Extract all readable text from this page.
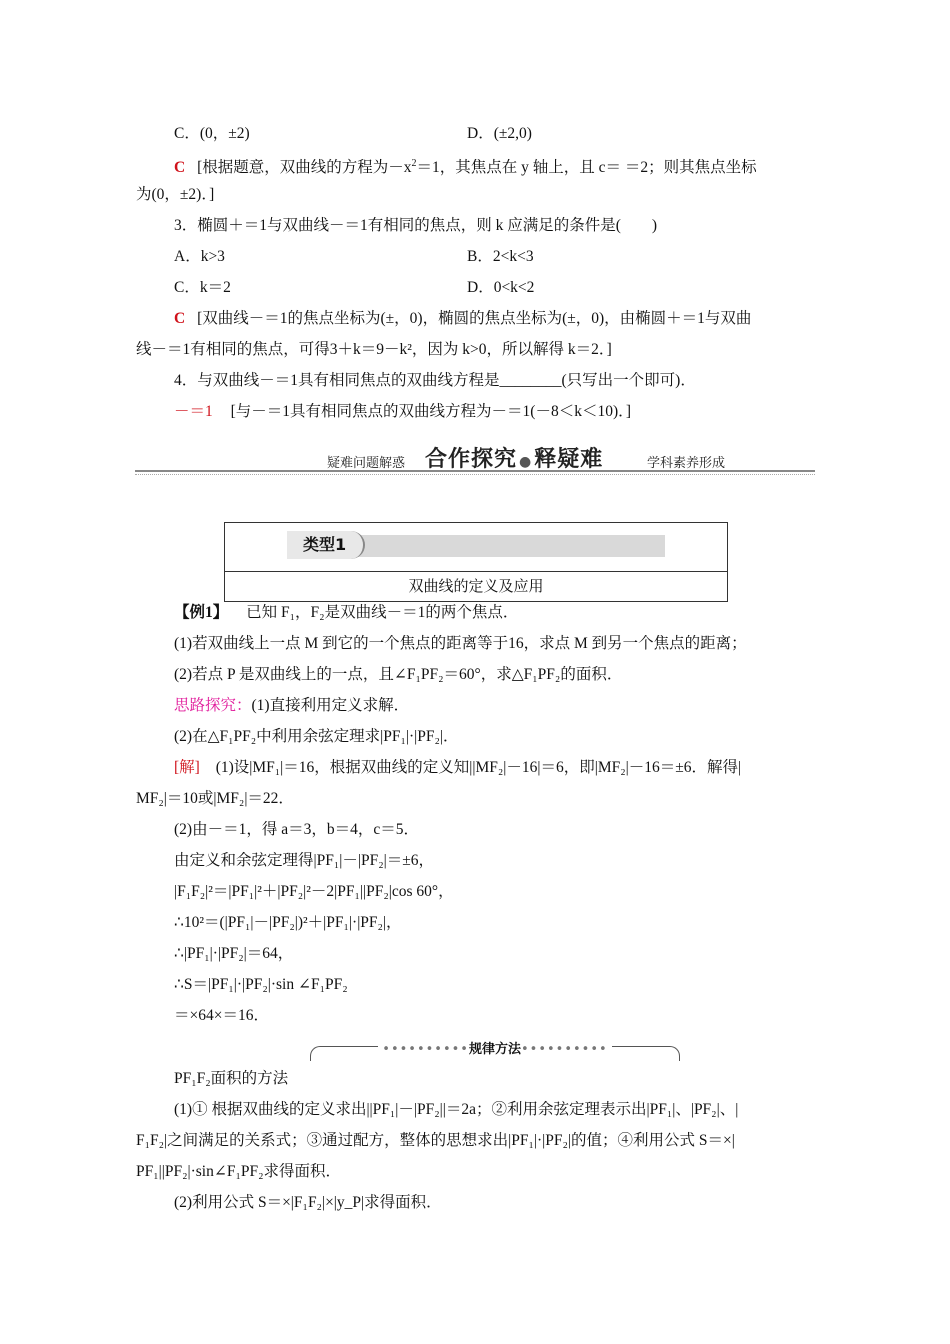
C．(0，±2)	D．(±2,0)
C [根据题意，双曲线的方程为$-x^2=1$，其焦点在 y 轴上，且 c＝ ＝2；则其焦点坐标
为(0，±2)．]
3．椭圆＋＝1与双曲线－＝1有相同的焦点，则 k 应满足的条件是(　　)
A．k>3	B．2<k<3
C．k＝2	D．0<k<2
C [双曲线－＝1的焦点坐标为(±，0)，椭圆的焦点坐标为(±，0)，由椭圆＋＝1与双曲
线－＝1有相同的焦点，可得3＋k＝9－k²，因为 k>0，所以解得 k＝2．]
4．与双曲线－＝1具有相同焦点的双曲线方程是________(只写出一个即可)．
－＝1 [与－＝1具有相同焦点的双曲线方程为－＝1(－8＜k＜10)．]
疑难问题解惑 合作探究 ●释疑难	学科素养形成
类型1
双曲线的定义及应用
【例1】 已知 F₁，F₂是双曲线－＝1的两个焦点．
(1)若双曲线上一点 M 到它的一个焦点的距离等于16，求点 M 到另一个焦点的距离；
(2)若点 P 是双曲线上的一点，且∠F₁PF₂＝60°，求△F₁PF₂的面积．
思路探究：(1)直接利用定义求解．
(2)在△F₁PF₂中利用余弦定理求|PF₁|·|PF₂|．
[解] (1)设|MF₁|＝16，根据双曲线的定义知||MF₂|－16|＝6，即|MF₂|－16＝±6．解得|
MF₂|＝10或|MF₂|＝22．
(2)由－＝1，得 a＝3，b＝4，c＝5．
由定义和余弦定理得|PF₁|－|PF₂|＝±6，
|F₁F₂|²＝|PF₁|²＋|PF₂|²－2|PF₁||PF₂|cos 60°，
∴10²＝(|PF₁|－|PF₂|)²＋|PF₁|·|PF₂|，
∴|PF₁|·|PF₂|＝64，
∴S＝|PF₁|·|PF₂|·sin ∠F₁PF₂
＝×64×＝16．
••••••••••规律方法••••••••••
PF₁F₂面积的方法
(1)① 根据双曲线的定义求出||PF₁|－|PF₂||＝2a；②利用余弦定理表示出|PF₁|、|PF₂|、|
F₁F₂|之间满足的关系式；③通过配方，整体的思想求出|PF₁|·|PF₂|的值；④利用公式 S＝×|
PF₁||PF₂|·sin∠F₁PF₂求得面积．
(2)利用公式 S＝×|F₁F₂|×|y_P|求得面积．
